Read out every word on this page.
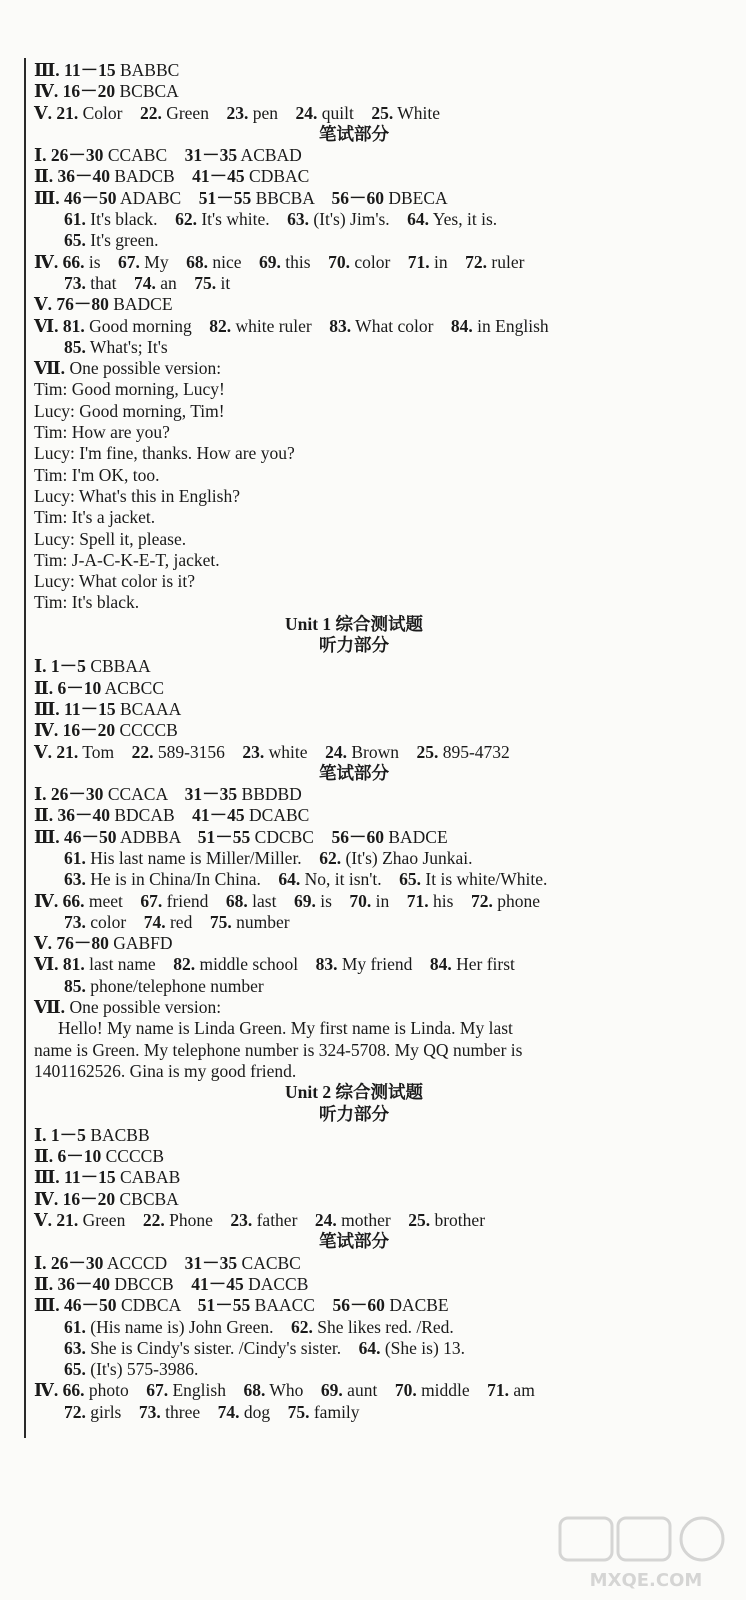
Ⅲ. 11－15 BABBC
Ⅳ. 16－20 BCBCA
Ⅴ. 21. Color    22. Green    23. pen    24. quilt    25. White
笔试部分
Ⅰ. 26－30 CCABC    31－35 ACBAD
Ⅱ. 36－40 BADCB    41－45 CDBAC
Ⅲ. 46－50 ADABC    51－55 BBCBA    56－60 DBECA
61. It's black.    62. It's white.    63. (It's) Jim's.    64. Yes, it is.
65. It's green.
Ⅳ. 66. is    67. My    68. nice    69. this    70. color    71. in    72. ruler
73. that    74. an    75. it
Ⅴ. 76－80 BADCE
Ⅵ. 81. Good morning    82. white ruler    83. What color    84. in English
85. What's; It's
Ⅶ. One possible version:
Tim: Good morning, Lucy!
Lucy: Good morning, Tim!
Tim: How are you?
Lucy: I'm fine, thanks. How are you?
Tim: I'm OK, too.
Lucy: What's this in English?
Tim: It's a jacket.
Lucy: Spell it, please.
Tim: J-A-C-K-E-T, jacket.
Lucy: What color is it?
Tim: It's black.
Unit 1 综合测试题
听力部分
Ⅰ. 1－5 CBBAA
Ⅱ. 6－10 ACBCC
Ⅲ. 11－15 BCAAA
Ⅳ. 16－20 CCCCB
Ⅴ. 21. Tom    22. 589-3156    23. white    24. Brown    25. 895-4732
笔试部分
Ⅰ. 26－30 CCACA    31－35 BBDBD
Ⅱ. 36－40 BDCAB    41－45 DCABC
Ⅲ. 46－50 ADBBA    51－55 CDCBC    56－60 BADCE
61. His last name is Miller/Miller.    62. (It's) Zhao Junkai.
63. He is in China/In China.    64. No, it isn't.    65. It is white/White.
Ⅳ. 66. meet    67. friend    68. last    69. is    70. in    71. his    72. phone
73. color    74. red    75. number
Ⅴ. 76－80 GABFD
Ⅵ. 81. last name    82. middle school    83. My friend    84. Her first
85. phone/telephone number
Ⅶ. One possible version:
Hello! My name is Linda Green. My first name is Linda. My last
name is Green. My telephone number is 324-5708. My QQ number is
1401162526. Gina is my good friend.
Unit 2 综合测试题
听力部分
Ⅰ. 1－5 BACBB
Ⅱ. 6－10 CCCCB
Ⅲ. 11－15 CABAB
Ⅳ. 16－20 CBCBA
Ⅴ. 21. Green    22. Phone    23. father    24. mother    25. brother
笔试部分
Ⅰ. 26－30 ACCCD    31－35 CACBC
Ⅱ. 36－40 DBCCB    41－45 DACCB
Ⅲ. 46－50 CDBCA    51－55 BAACC    56－60 DACBE
61. (His name is) John Green.    62. She likes red. /Red.
63. She is Cindy's sister. /Cindy's sister.    64. (She is) 13.
65. (It's) 575-3986.
Ⅳ. 66. photo    67. English    68. Who    69. aunt    70. middle    71. am
72. girls    73. three    74. dog    75. family
MXQE.COM
